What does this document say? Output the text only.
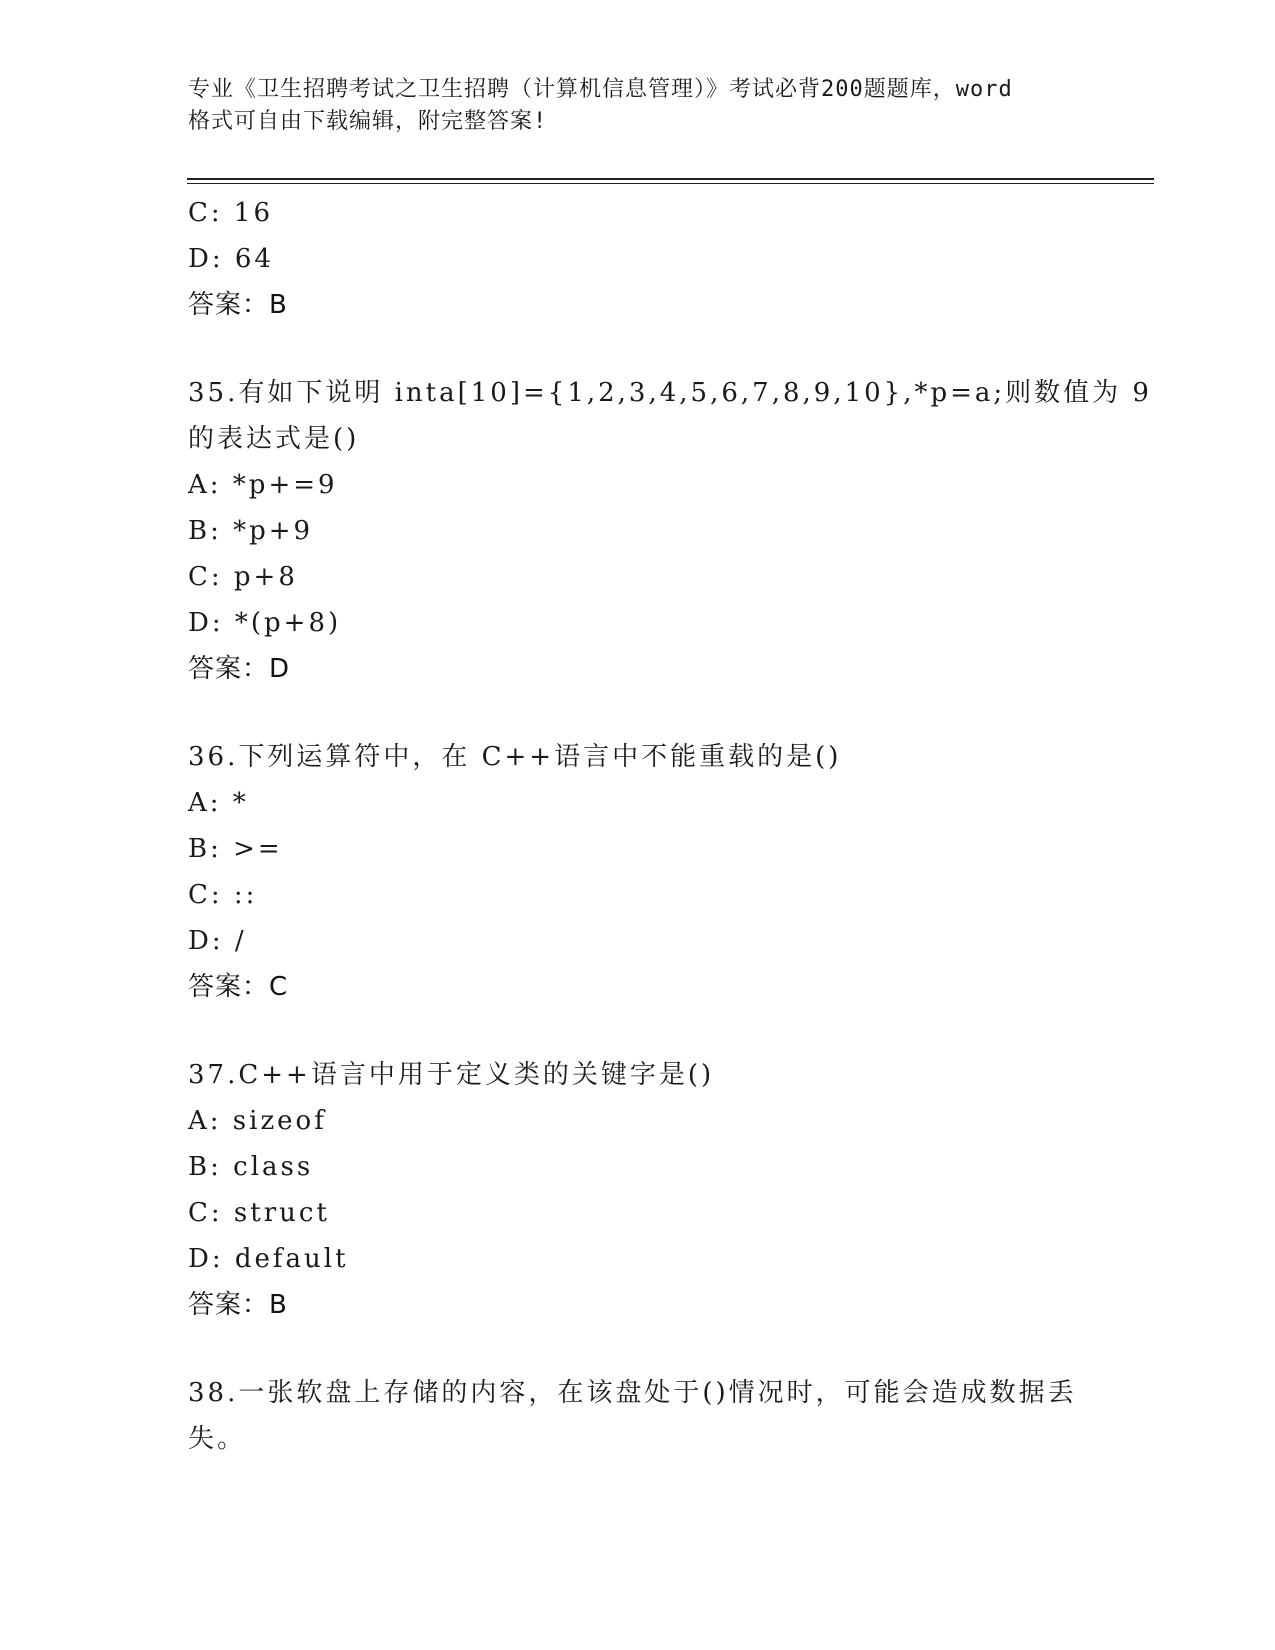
专业《卫生招聘考试之卫生招聘（计算机信息管理）》考试必背200题题库，word
格式可自由下载编辑，附完整答案!
C: 16
D: 64
答案：B
35.有如下说明 inta[10]={1,2,3,4,5,6,7,8,9,10},*p=a;则数值为 9
的表达式是()
A: *p+=9
B: *p+9
C: p+8
D: *(p+8)
答案：D
36.下列运算符中，在 C++语言中不能重载的是()
A: *
B: >=
C: ::
D: /
答案：C
37.C++语言中用于定义类的关键字是()
A: sizeof
B: class
C: struct
D: default
答案：B
38.一张软盘上存储的内容，在该盘处于()情况时，可能会造成数据丢
失。
